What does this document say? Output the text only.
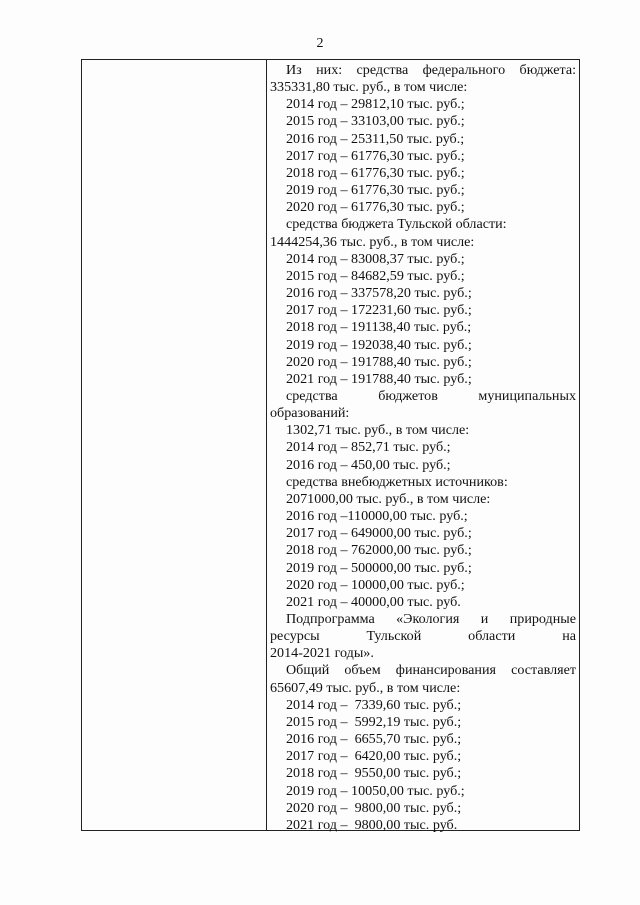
2
Из них: средства федерального бюджета:
335331,80 тыс. руб., в том числе:
2014 год – 29812,10 тыс. руб.;
2015 год – 33103,00 тыс. руб.;
2016 год – 25311,50 тыс. руб.;
2017 год – 61776,30 тыс. руб.;
2018 год – 61776,30 тыс. руб.;
2019 год – 61776,30 тыс. руб.;
2020 год – 61776,30 тыс. руб.;
средства бюджета Тульской области:
1444254,36 тыс. руб., в том числе:
2014 год – 83008,37 тыс. руб.;
2015 год – 84682,59 тыс. руб.;
2016 год – 337578,20 тыс. руб.;
2017 год – 172231,60 тыс. руб.;
2018 год – 191138,40 тыс. руб.;
2019 год – 192038,40 тыс. руб.;
2020 год – 191788,40 тыс. руб.;
2021 год – 191788,40 тыс. руб.;
средства бюджетов муниципальных
образований:
1302,71 тыс. руб., в том числе:
2014 год – 852,71 тыс. руб.;
2016 год – 450,00 тыс. руб.;
средства внебюджетных источников:
2071000,00 тыс. руб., в том числе:
2016 год –110000,00 тыс. руб.;
2017 год – 649000,00 тыс. руб.;
2018 год – 762000,00 тыс. руб.;
2019 год – 500000,00 тыс. руб.;
2020 год – 10000,00 тыс. руб.;
2021 год – 40000,00 тыс. руб.
Подпрограмма «Экология и природные
ресурсы Тульской области на
2014-2021 годы».
Общий объем финансирования составляет
65607,49 тыс. руб., в том числе:
2014 год –  7339,60 тыс. руб.;
2015 год –  5992,19 тыс. руб.;
2016 год –  6655,70 тыс. руб.;
2017 год –  6420,00 тыс. руб.;
2018 год –  9550,00 тыс. руб.;
2019 год – 10050,00 тыс. руб.;
2020 год –  9800,00 тыс. руб.;
2021 год –  9800,00 тыс. руб.
